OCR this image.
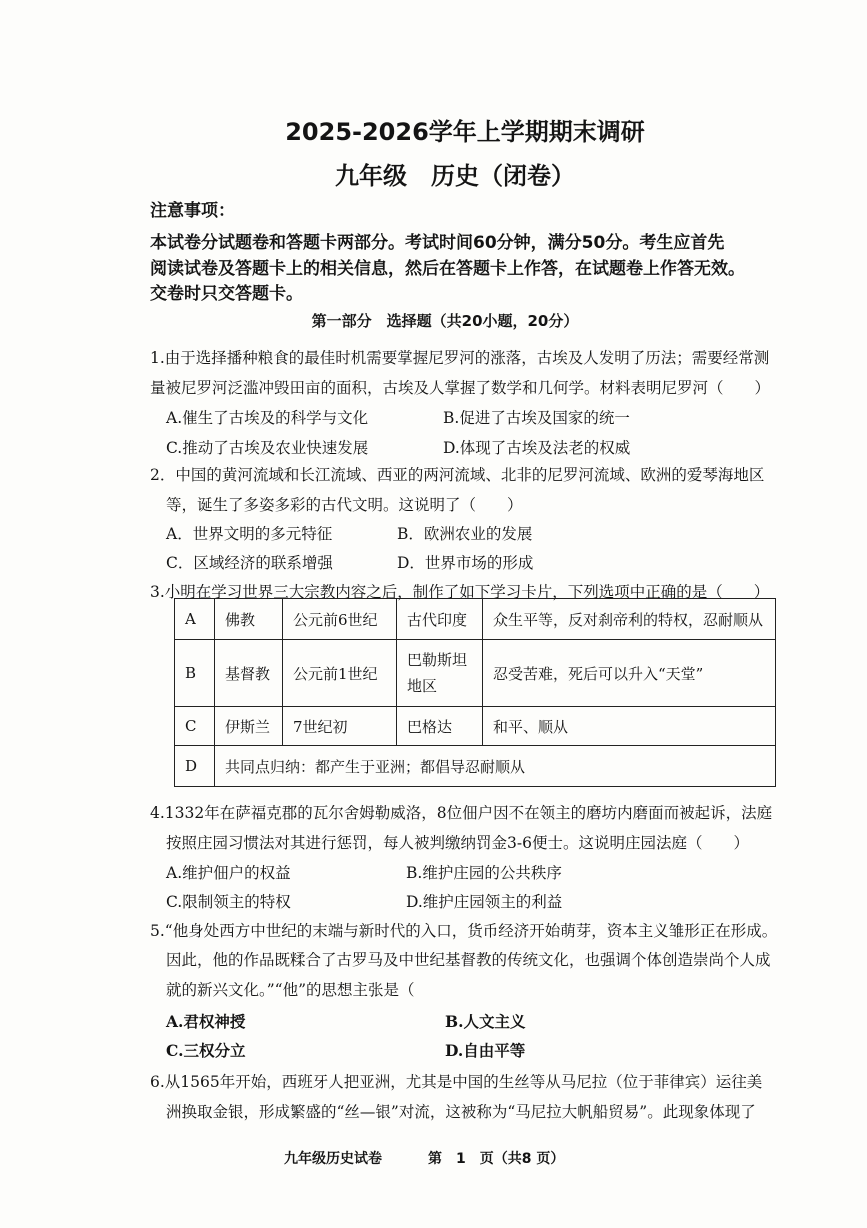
2025-2026学年上学期期末调研
九年级　历史（闭卷）
注意事项：
本试卷分试题卷和答题卡两部分。考试时间60分钟，满分50分。考生应首先
阅读试卷及答题卡上的相关信息，然后在答题卡上作答，在试题卷上作答无效。
交卷时只交答题卡。
第一部分　选择题（共20小题，20分）
1.由于选择播种粮食的最佳时机需要掌握尼罗河的涨落，古埃及人发明了历法；需要经常测
量被尼罗河泛滥冲毁田亩的面积，古埃及人掌握了数学和几何学。材料表明尼罗河（　　）
A.催生了古埃及的科学与文化	B.促进了古埃及国家的统一
C.推动了古埃及农业快速发展	D.体现了古埃及法老的权威
2．中国的黄河流域和长江流域、西亚的两河流域、北非的尼罗河流域、欧洲的爱琴海地区
等，诞生了多姿多彩的古代文明。这说明了（　　）
A．世界文明的多元特征	B．欧洲农业的发展
C．区域经济的联系增强	D．世界市场的形成
3.小明在学习世界三大宗教内容之后，制作了如下学习卡片，下列选项中正确的是（　　）
A	佛教	公元前6世纪	古代印度	众生平等，反对刹帝利的特权，忍耐顺从
B	基督教	公元前1世纪	巴勒斯坦地区	忍受苦难，死后可以升入“天堂”
C	伊斯兰	7世纪初	巴格达	和平、顺从
D	共同点归纳：都产生于亚洲；都倡导忍耐顺从			
4.1332年在萨福克郡的瓦尔舍姆勒威洛，8位佃户因不在领主的磨坊内磨面而被起诉，法庭
按照庄园习惯法对其进行惩罚，每人被判缴纳罚金3-6便士。这说明庄园法庭（　　）
A.维护佃户的权益	B.维护庄园的公共秩序
C.限制领主的特权	D.维护庄园领主的利益
5.“他身处西方中世纪的末端与新时代的入口，货币经济开始萌芽，资本主义雏形正在形成。
因此，他的作品既糅合了古罗马及中世纪基督教的传统文化，也强调个体创造崇尚个人成
就的新兴文化。”“他”的思想主张是（
A.君权神授	B.人文主义
C.三权分立	D.自由平等
6.从1565年开始，西班牙人把亚洲，尤其是中国的生丝等从马尼拉（位于菲律宾）运往美
洲换取金银，形成繁盛的“丝—银”对流，这被称为“马尼拉大帆船贸易”。此现象体现了
九年级历史试卷	第　1　页（共8 页）
